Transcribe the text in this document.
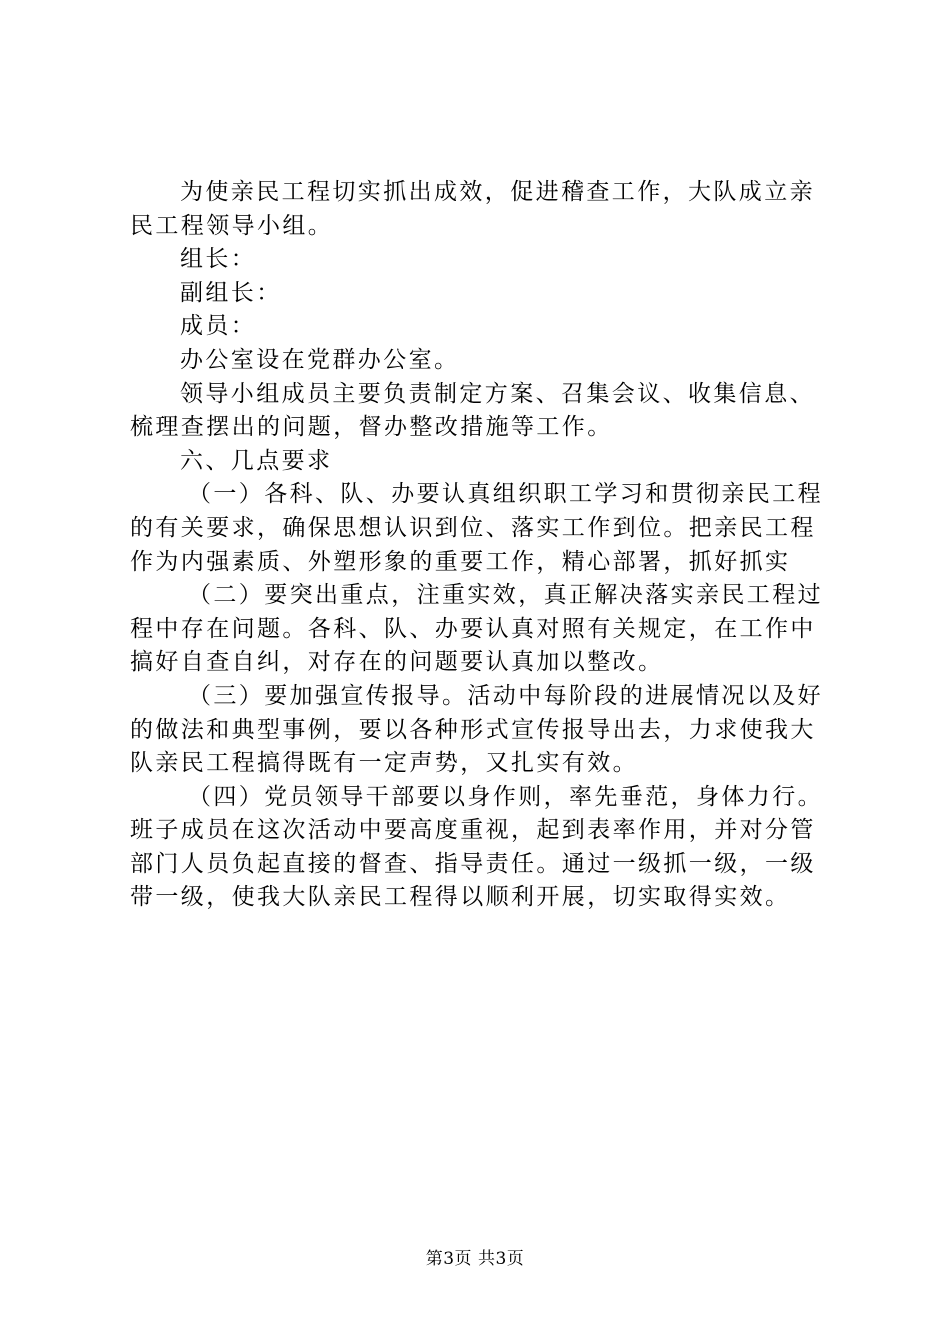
为使亲民工程切实抓出成效，促进稽查工作，大队成立亲民工程领导小组。

组长：

副组长：

成员：

办公室设在党群办公室。

领导小组成员主要负责制定方案、召集会议、收集信息、梳理查摆出的问题，督办整改措施等工作。

六、几点要求

（一）各科、队、办要认真组织职工学习和贯彻亲民工程的有关要求，确保思想认识到位、落实工作到位。把亲民工程作为内强素质、外塑形象的重要工作，精心部署，抓好抓实

（二）要突出重点，注重实效，真正解决落实亲民工程过程中存在问题。各科、队、办要认真对照有关规定，在工作中搞好自查自纠，对存在的问题要认真加以整改。

（三）要加强宣传报导。活动中每阶段的进展情况以及好的做法和典型事例，要以各种形式宣传报导出去，力求使我大队亲民工程搞得既有一定声势，又扎实有效。

（四）党员领导干部要以身作则，率先垂范，身体力行。班子成员在这次活动中要高度重视，起到表率作用，并对分管部门人员负起直接的督查、指导责任。通过一级抓一级，一级带一级，使我大队亲民工程得以顺利开展，切实取得实效。

第3页 共3页
